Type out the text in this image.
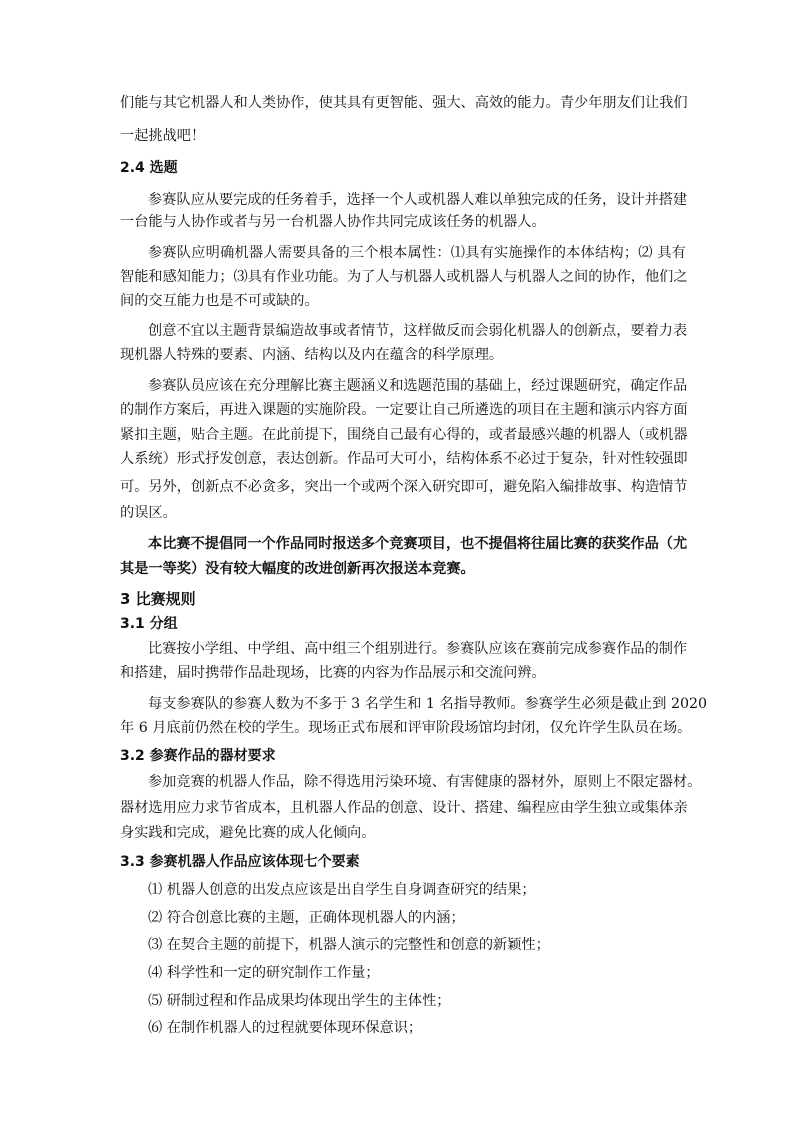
们能与其它机器人和人类协作，使其具有更智能、强大、高效的能力。青少年朋友们让我们
一起挑战吧！
2.4 选题
参赛队应从要完成的任务着手，选择一个人或机器人难以单独完成的任务，设计并搭建
一台能与人协作或者与另一台机器人协作共同完成该任务的机器人。
参赛队应明确机器人需要具备的三个根本属性：⑴具有实施操作的本体结构；⑵ 具有
智能和感知能力；⑶具有作业功能。为了人与机器人或机器人与机器人之间的协作，他们之
间的交互能力也是不可或缺的。
创意不宜以主题背景编造故事或者情节，这样做反而会弱化机器人的创新点，要着力表
现机器人特殊的要素、内涵、结构以及内在蕴含的科学原理。
参赛队员应该在充分理解比赛主题涵义和选题范围的基础上，经过课题研究，确定作品
的制作方案后，再进入课题的实施阶段。一定要让自己所遴选的项目在主题和演示内容方面
紧扣主题，贴合主题。在此前提下，围绕自己最有心得的，或者最感兴趣的机器人（或机器
人系统）形式抒发创意，表达创新。作品可大可小，结构体系不必过于复杂，针对性较强即
可。另外，创新点不必贪多，突出一个或两个深入研究即可，避免陷入编排故事、构造情节
的误区。
本比赛不提倡同一个作品同时报送多个竞赛项目，也不提倡将往届比赛的获奖作品（尤
其是一等奖）没有较大幅度的改进创新再次报送本竞赛。
3 比赛规则
3.1 分组
比赛按小学组、中学组、高中组三个组别进行。参赛队应该在赛前完成参赛作品的制作
和搭建，届时携带作品赴现场，比赛的内容为作品展示和交流问辨。
每支参赛队的参赛人数为不多于 3 名学生和 1 名指导教师。参赛学生必须是截止到 2020
年 6 月底前仍然在校的学生。现场正式布展和评审阶段场馆均封闭，仅允许学生队员在场。
3.2 参赛作品的器材要求
参加竞赛的机器人作品，除不得选用污染环境、有害健康的器材外，原则上不限定器材。
器材选用应力求节省成本，且机器人作品的创意、设计、搭建、编程应由学生独立或集体亲
身实践和完成，避免比赛的成人化倾向。
3.3 参赛机器人作品应该体现七个要素
⑴ 机器人创意的出发点应该是出自学生自身调查研究的结果；
⑵ 符合创意比赛的主题，正确体现机器人的内涵；
⑶ 在契合主题的前提下，机器人演示的完整性和创意的新颖性；
⑷ 科学性和一定的研究制作工作量；
⑸ 研制过程和作品成果均体现出学生的主体性；
⑹ 在制作机器人的过程就要体现环保意识；
